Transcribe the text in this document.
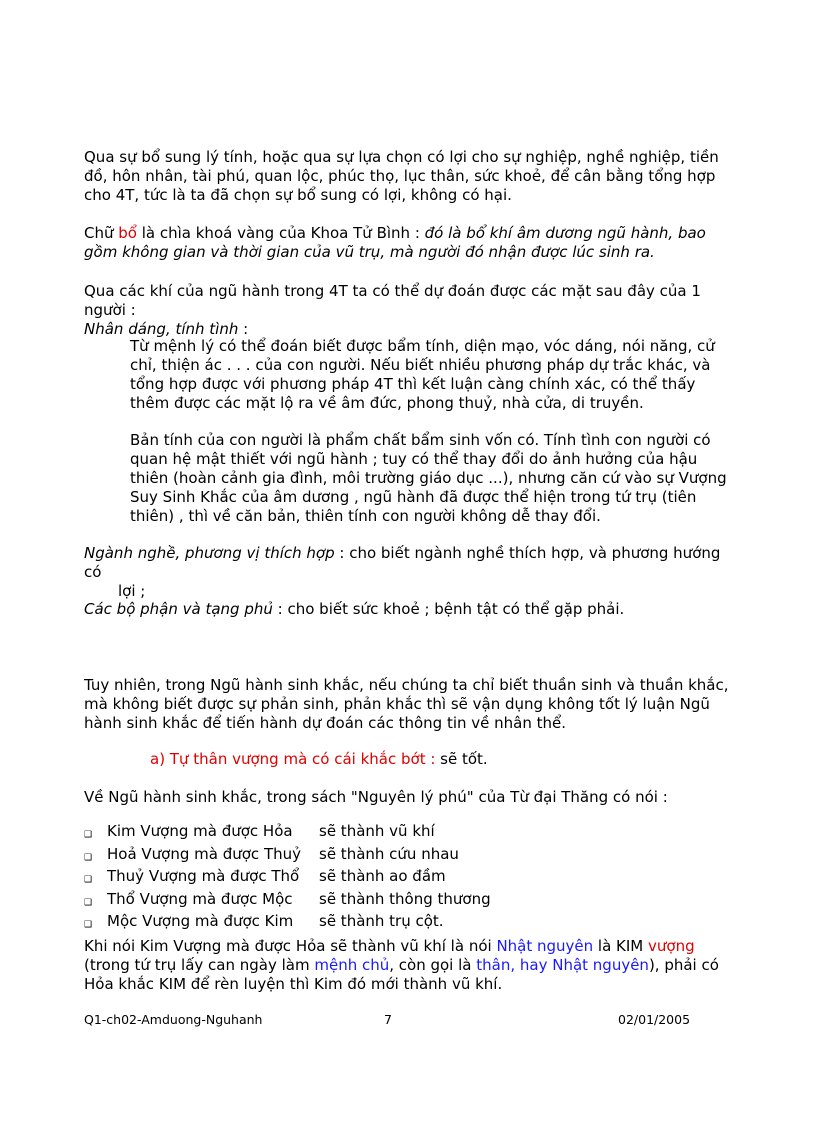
Qua sự bổ sung lý tính, hoặc qua sự lựa chọn có lợi cho sự nghiệp, nghề nghiệp, tiền đồ, hôn nhân, tài phú, quan lộc, phúc thọ, lục thân, sức khoẻ, để cân bằng tổng hợp cho 4T, tức là ta đã chọn sự bổ sung có lợi, không có hại.

Chữ bổ là chìa khoá vàng của Khoa Tử Bình : đó là bổ khí âm dương ngũ hành, bao gồm không gian và thời gian của vũ trụ, mà người đó nhận được lúc sinh ra.

Qua các khí của ngũ hành trong 4T ta có thể dự đoán được các mặt sau đây của 1 người :

Nhân dáng, tính tình :

Từ mệnh lý có thể đoán biết được bẩm tính, diện mạo, vóc dáng, nói năng, cử chỉ, thiện ác . . . của con người. Nếu biết nhiều phương pháp dự trắc khác, và tổng hợp được với phương pháp 4T thì kết luận càng chính xác, có thể thấy thêm được các mặt lộ ra về âm đức, phong thuỷ, nhà cửa, di truyền.

Bản tính của con người là phẩm chất bẩm sinh vốn có. Tính tình con người có quan hệ mật thiết với ngũ hành ; tuy có thể thay đổi do ảnh hưởng của hậu thiên (hoàn cảnh gia đình, môi trường giáo dục ...), nhưng căn cứ vào sự Vượng Suy Sinh Khắc của âm dương , ngũ hành đã được thể hiện trong tứ trụ (tiên thiên) , thì về căn bản, thiên tính con người không dễ thay đổi.

Ngành nghề, phương vị thích hợp : cho biết ngành nghề thích hợp, và phương hướng có
lợi ;

Các bộ phận và tạng phủ : cho biết sức khoẻ ; bệnh tật có thể gặp phải.

Tuy nhiên, trong Ngũ hành sinh khắc, nếu chúng ta chỉ biết thuần sinh và thuần khắc, mà không biết được sự phản sinh, phản khắc thì sẽ vận dụng không tốt lý luận Ngũ hành sinh khắc để tiến hành dự đoán các thông tin về nhân thể.

a) Tự thân vượng mà có cái khắc bớt : sẽ tốt.

Về Ngũ hành sinh khắc, trong sách "Nguyên lý phú" của Từ đại Thăng có nói :

❑	Kim Vượng mà được Hỏa	sẽ thành vũ khí
❑	Hoả Vượng mà được Thuỷ	sẽ thành cứu nhau
❑	Thuỷ Vượng mà được Thổ	sẽ thành ao đầm
❑	Thổ Vượng mà được Mộc	sẽ thành thông thương
❑	Mộc Vượng mà được Kim	sẽ thành trụ cột.

Khi nói Kim Vượng mà được Hỏa sẽ thành vũ khí là nói Nhật nguyên là KIM vượng (trong tứ trụ lấy can ngày làm mệnh chủ, còn gọi là thân, hay Nhật nguyên), phải có Hỏa khắc KIM để rèn luyện thì Kim đó mới thành vũ khí.

Q1-ch02-Amduong-Nguhanh	7	02/01/2005
